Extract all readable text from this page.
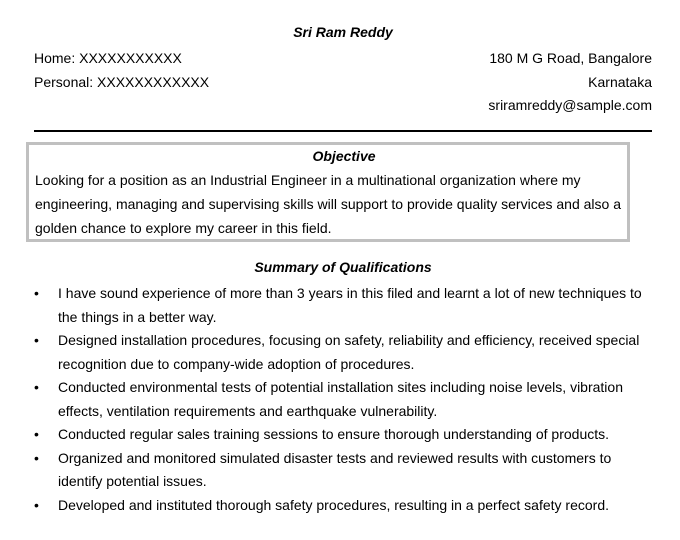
Sri Ram Reddy
Home: XXXXXXXXXXX
Personal: XXXXXXXXXXXX
180 M G Road, Bangalore
Karnataka
sriramreddy@sample.com
Objective
Looking for a position as an Industrial Engineer in a multinational organization where my
engineering, managing and supervising skills will support to provide quality services and also a
golden chance to explore my career in this field.
Summary of Qualifications
•	I have sound experience of more than 3 years in this filed and learnt a lot of new techniques to
the things in a better way.
•	Designed installation procedures, focusing on safety, reliability and efficiency, received special
recognition due to company-wide adoption of procedures.
•	Conducted environmental tests of potential installation sites including noise levels, vibration
effects, ventilation requirements and earthquake vulnerability.
•	Conducted regular sales training sessions to ensure thorough understanding of products.
•	Organized and monitored simulated disaster tests and reviewed results with customers to
identify potential issues.
•	Developed and instituted thorough safety procedures, resulting in a perfect safety record.
